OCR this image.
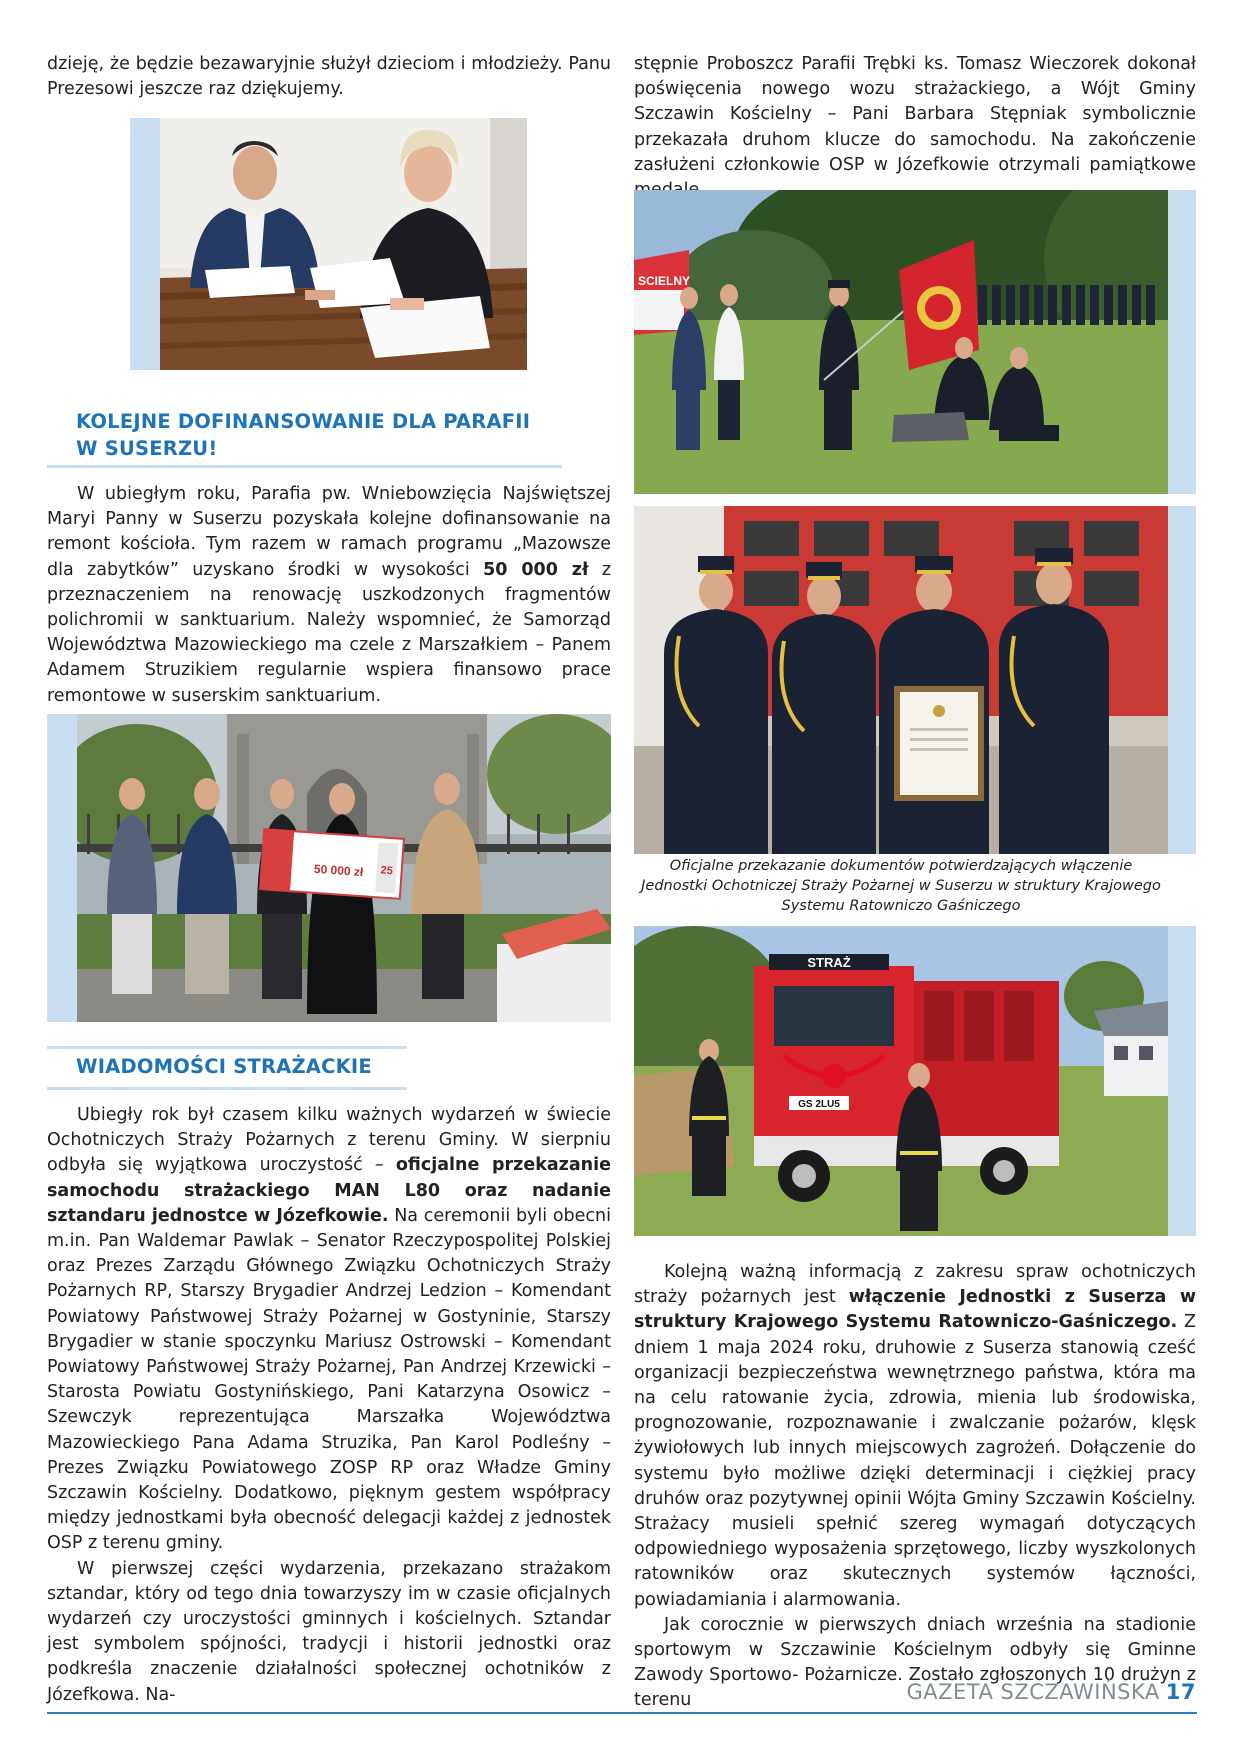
dzieję, że będzie bezawaryjnie służył dzieciom i młodzieży. Panu Prezesowi jeszcze raz dziękujemy.

KOLEJNE DOFINANSOWANIE DLA PARAFII
W SUSERZU!

W ubiegłym roku, Parafia pw. Wniebowzięcia Najświętszej Maryi Panny w Suserzu pozyskała kolejne dofinansowanie na remont kościoła. Tym razem w ramach programu „Mazowsze dla zabytków” uzyskano środki w wysokości 50 000 zł z przeznaczeniem na renowację uszkodzonych fragmentów polichromii w sanktuarium. Należy wspomnieć, że Samorząd Województwa Mazowieckiego ma czele z Marszałkiem – Panem Adamem Struzikiem regularnie wspiera finansowo prace remontowe w suserskim sanktuarium.

50 000 zł 25
WIADOMOŚCI STRAŻACKIE

Ubiegły rok był czasem kilku ważnych wydarzeń w świecie Ochotniczych Straży Pożarnych z terenu Gminy. W sierpniu odbyła się wyjątkowa uroczystość – oficjalne przekazanie samochodu strażackiego MAN L80 oraz nadanie sztandaru jednostce w Józefkowie. Na ceremonii byli obecni m.in. Pan Waldemar Pawlak – Senator Rzeczypospolitej Polskiej oraz Prezes Zarządu Głównego Związku Ochotniczych Straży Pożarnych RP, Starszy Brygadier Andrzej Ledzion – Komendant Powiatowy Państwowej Straży Pożarnej w Gostyninie, Starszy Brygadier w stanie spoczynku Mariusz Ostrowski – Komendant Powiatowy Państwowej Straży Pożarnej, Pan Andrzej Krzewicki – Starosta Powiatu Gostynińskiego, Pani Katarzyna Osowicz – Szewczyk reprezentująca Marszałka Województwa Mazowieckiego Pana Adama Struzika, Pan Karol Podleśny – Prezes Związku Powiatowego ZOSP RP oraz Władze Gminy Szczawin Kościelny. Dodatkowo, pięknym gestem współpracy między jednostkami była obecność delegacji każdej z jednostek OSP z terenu gminy.

W pierwszej części wydarzenia, przekazano strażakom sztandar, który od tego dnia towarzyszy im w czasie oficjalnych wydarzeń czy uroczystości gminnych i kościelnych. Sztandar jest symbolem spójności, tradycji i historii jednostki oraz podkreśla znaczenie działalności społecznej ochotników z Józefkowa. Na-

stępnie Proboszcz Parafii Trębki ks. Tomasz Wieczorek dokonał poświęcenia nowego wozu strażackiego, a Wójt Gminy Szczawin Kościelny – Pani Barbara Stępniak symbolicznie przekazała druhom klucze do samochodu. Na zakończenie zasłużeni członkowie OSP w Józefkowie otrzymali pamiątkowe

SCIELNY
Oficjalne przekazanie dokumentów potwierdzających włączenie Jednostki Ochotniczej Straży Pożarnej w Suserzu w struktury Krajowego Systemu Ratowniczo Gaśniczego
STRAŻ
GS 2LU5

Kolejną ważną informacją z zakresu spraw ochotniczych straży pożarnych jest włączenie Jednostki z Suserza w struktury Krajowego Systemu Ratowniczo-Gaśniczego. Z dniem 1 maja 2024 roku, druhowie z Suserza stanowią cześć organizacji bezpieczeństwa wewnętrznego państwa, która ma na celu ratowanie życia, zdrowia, mienia lub środowiska, prognozowanie, rozpoznawanie i zwalczanie pożarów, klęsk żywiołowych lub innych miejscowych zagrożeń. Dołączenie do systemu było możliwe dzięki determinacji i ciężkiej pracy druhów oraz pozytywnej opinii Wójta Gminy Szczawin Kościelny. Strażacy musieli spełnić szereg wymagań dotyczących odpowiedniego wyposażenia sprzętowego, liczby wyszkolonych ratowników oraz skutecznych systemów łączności, powiadamiania i alarmowania.

Jak corocznie w pierwszych dniach września na stadionie sportowym w Szczawinie Kościelnym odbyły się Gminne Zawody Sportowo- Pożarnicze. Zostało zgłoszonych 10 drużyn z terenu	GAZETA SZCZAWIŃSKA 17
